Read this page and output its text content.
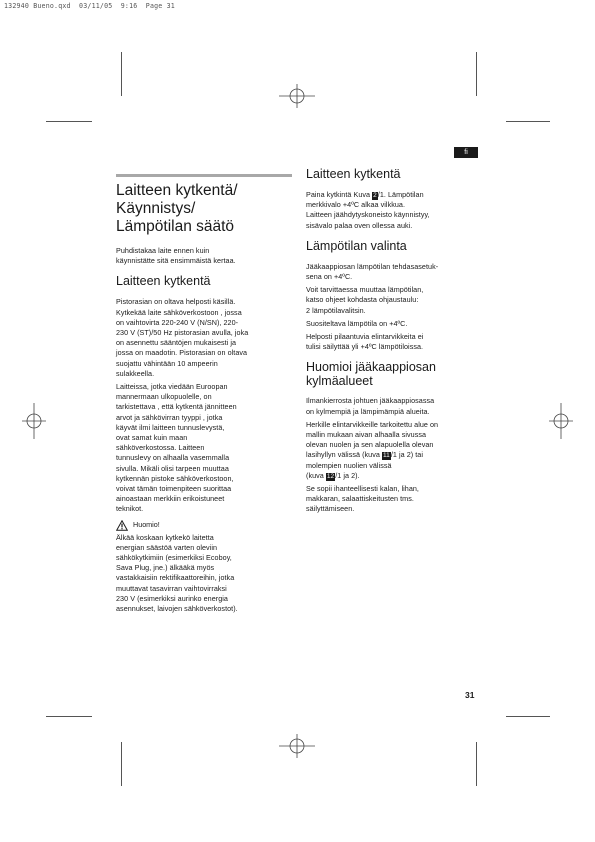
132940 Bueno.qxd  03/11/05  9:16  Page 31
fi
Laitteen kytkentä/
Käynnistys/
Lämpötilan säätö

Puhdistakaa laite ennen kuin
käynnistätte sitä ensimmäistä kertaa.

Laitteen kytkentä

Pistorasian on oltava helposti käsillä.
Kytkekää laite sähköverkostoon , jossa
on vaihtovirta 220-240 V (N/SN), 220-
230 V (ST)/50 Hz pistorasian avulla, joka
on asennettu sääntöjen mukaisesti ja
jossa on maadotin. Pistorasian on oltava
suojattu vähintään 10 ampeerin
sulakkeella.

Laitteissa, jotka viedään Euroopan
mannermaan ulkopuolelle, on
tarkistettava , että kytkentä jännitteen
arvot ja sähkövirran tyyppi , jotka
käyvät ilmi laitteen tunnuslevystä,
ovat samat kuin maan
sähköverkostossa. Laitteen
tunnuslevy on alhaalla vasemmalla
sivulla. Mikäli olisi tarpeen muuttaa
kytkennän pistoke sähköverkostoon,
voivat tämän toimenpiteen suorittaa
ainoastaan merkkiin erikoistuneet
teknikot.

Huomio!

Älkää koskaan kytkekö laitetta
energian säästöä varten oleviin
sähkökytkimiin (esimerkiksi Ecoboy,
Sava Plug, jne.) älkääkä myös
vastakkaisiin rektifikaattoreihin, jotka
muuttavat tasavirran vaihtovirraksi
230 V (esimerkiksi aurinko energia
asennukset, laivojen sähköverkostot).

Laitteen kytkentä

Paina kytkintä Kuva 2/1. Lämpötilan
merkkivalo +4ºC alkaa vilkkua.
Laitteen jäähdytyskoneisto käynnistyy,
sisävalo palaa oven ollessa auki.

Lämpötilan valinta

Jääkaappiosan lämpötilan tehdasasetuk-
sena on +4ºC.

Voit tarvittaessa muuttaa lämpötilan,
katso ohjeet kohdasta ohjaustaulu:
2 lämpötilavalitsin.

Suositeltava lämpötila on +4ºC.

Helposti pilaantuvia elintarvikkeita ei
tulisi säilyttää yli +4ºC lämpötiloissa.

Huomioi jääkaappiosan
kylmäalueet

Ilmankierrosta johtuen jääkaappiosassa
on kylmempiä ja lämpimämpiä alueita.

Herkille elintarvikkeille tarkoitettu alue on
mallin mukaan aivan alhaalla sivussa
olevan nuolen ja sen alapuolella olevan
lasihyllyn välissä (kuva 11/1 ja 2) tai
molempien nuolien välissä
(kuva 12/1 ja 2).

Se sopii ihanteellisesti kalan, lihan,
makkaran, salaattiskeitusten tms.
säilyttämiseen.

31
